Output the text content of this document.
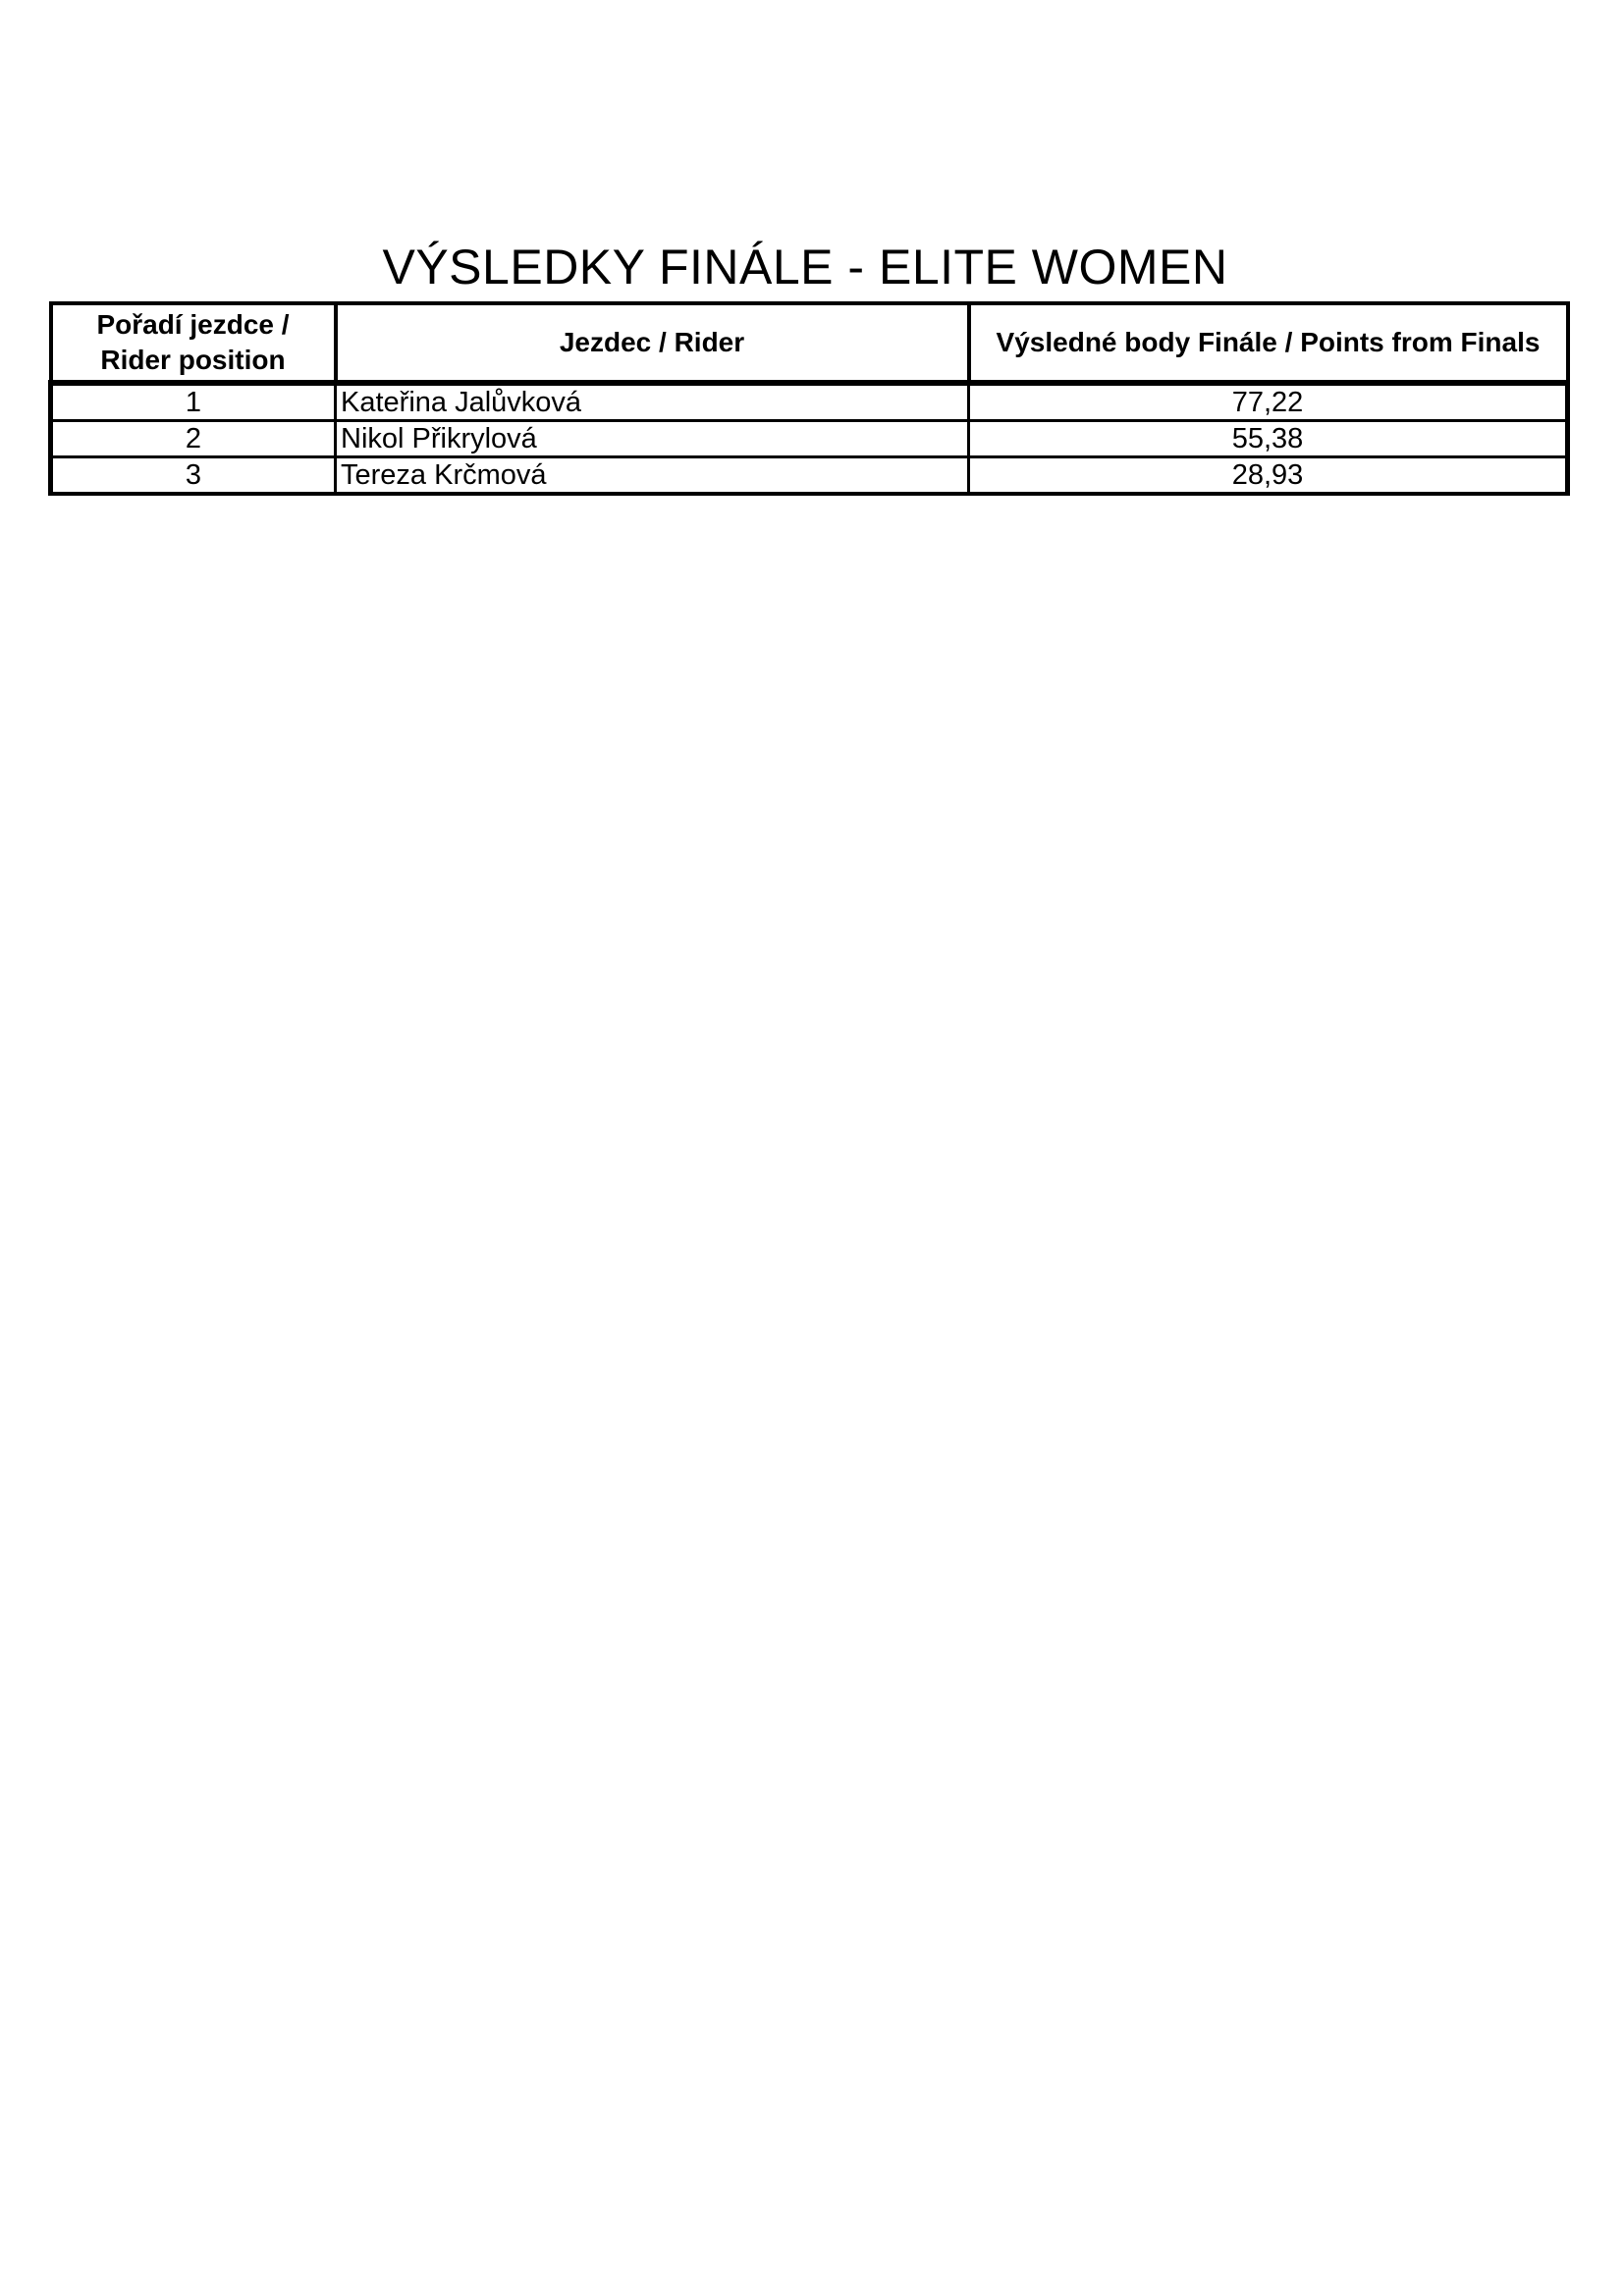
VÝSLEDKY FINÁLE - ELITE WOMEN
Pořadí jezdce / Rider position	Jezdec / Rider	Výsledné body Finále / Points from Finals
1	Kateřina Jalůvková	77,22
2	Nikol Přikrylová	55,38
3	Tereza Krčmová	28,93
